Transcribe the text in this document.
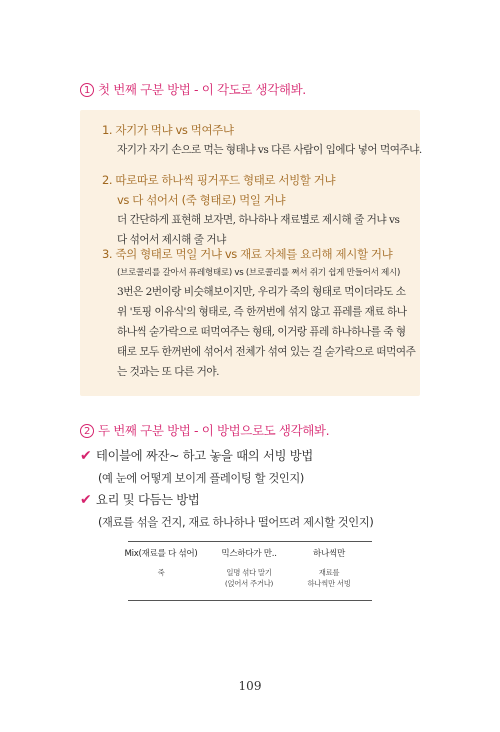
1 첫 번째 구분 방법 - 이 각도로 생각해봐.
1. 자기가 먹냐 vs 먹여주냐
자기가 자기 손으로 먹는 형태냐 vs 다른 사람이 입에다 넣어 먹여주냐.
2. 따로따로 하나씩 핑거푸드 형태로 서빙할 거냐
vs 다 섞어서 (죽 형태로) 먹일 거냐
더 간단하게 표현해 보자면, 하나하나 재료별로 제시해 줄 거냐 vs
다 섞어서 제시해 줄 거냐
3. 죽의 형태로 먹일 거냐 vs 재료 자체를 요리해 제시할 거냐
(브로콜리를 갈아서 퓨레형태로) vs (브로콜리를 쪄서 쥐기 쉽게 만들어서 제시)
3번은 2번이랑 비슷해보이지만, 우리가 죽의 형태로 먹이더라도 소
위 '토핑 이유식'의 형태로, 즉 한꺼번에 섞지 않고 퓨레를 재료 하나
하나씩 숟가락으로 떠먹여주는 형태, 이거랑 퓨레 하나하나를 죽 형
태로 모두 한꺼번에 섞어서 전체가 섞여 있는 걸 숟가락으로 떠먹여주
는 것과는 또 다른 거야.
2 두 번째 구분 방법 - 이 방법으로도 생각해봐.
✔ 테이블에 짜잔~ 하고 놓을 때의 서빙 방법
(예 눈에 어떻게 보이게 플레이팅 할 것인지)
✔ 요리 및 다듬는 방법
(재료를 섞을 건지, 재료 하나하나 떨어뜨려 제시할 것인지)
Mix(재료를 다 섞어)
죽
믹스하다가 만..
일명 섞다 말기
(얹어서 주거나)
하나씩만
재료를
하나씩만 서빙
109
